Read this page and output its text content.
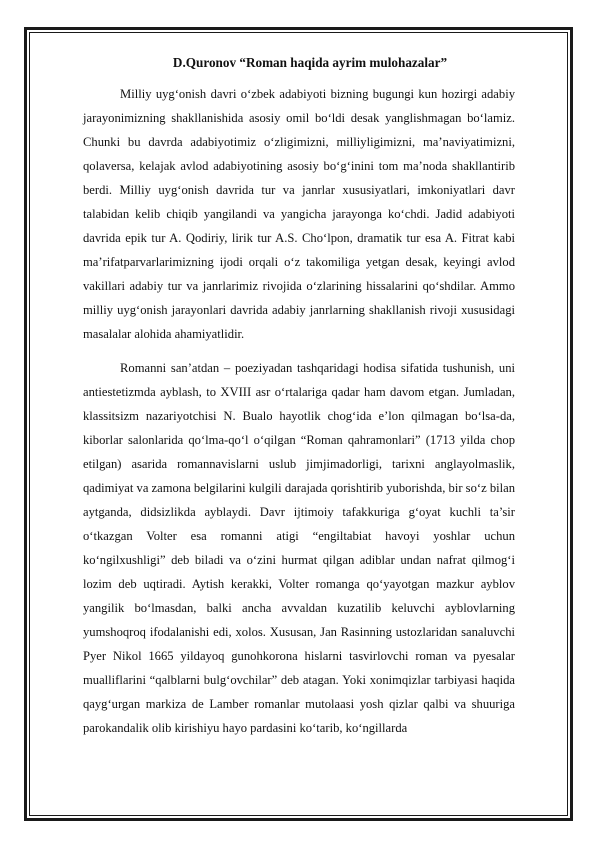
D.Quronov “Roman haqida ayrim mulohazalar”

Milliy uyg‘onish davri o‘zbek adabiyoti bizning bugungi kun hozirgi adabiy jarayonimizning shakllanishida asosiy omil bo‘ldi desak yanglishmagan bo‘lamiz. Chunki bu davrda adabiyotimiz o‘zligimizni, milliyligimizni, ma’naviyatimizni, qolaversa, kelajak avlod adabiyotining asosiy bo‘g‘inini tom ma’noda shakllantirib berdi. Milliy uyg‘onish davrida tur va janrlar xususiyatlari, imkoniyatlari davr talabidan kelib chiqib yangilandi va yangicha jarayonga ko‘chdi. Jadid adabiyoti davrida epik tur A. Qodiriy, lirik tur A.S. Cho‘lpon, dramatik tur esa A. Fitrat kabi ma’rifatparvarlarimizning ijodi orqali o‘z takomiliga yetgan desak, keyingi avlod vakillari adabiy tur va janrlarimiz rivojida o‘zlarining hissalarini qo‘shdilar. Ammo milliy uyg‘onish jarayonlari davrida adabiy janrlarning shakllanish rivoji xususidagi masalalar alohida ahamiyatlidir.

Romanni san’atdan – poeziyadan tashqaridagi hodisa sifatida tushunish, uni antiestetizmda ayblash, to XVIII asr o‘rtalariga qadar ham davom etgan. Jumladan, klassitsizm nazariyotchisi N. Bualo hayotlik chog‘ida e’lon qilmagan bo‘lsa-da, kiborlar salonlarida qo‘lma-qo‘l o‘qilgan “Roman qahramonlari” (1713 yilda chop etilgan) asarida romannavislarni uslub jimjimadorligi, tarixni anglayolmaslik, qadimiyat va zamona belgilarini kulgili darajada qorishtirib yuborishda, bir so‘z bilan aytganda, didsizlikda ayblaydi. Davr ijtimoiy tafakkuriga g‘oyat kuchli ta’sir o‘tkazgan Volter esa romanni atigi “engiltabiat havoyi yoshlar uchun ko‘ngilxushligi” deb biladi va o‘zini hurmat qilgan adiblar undan nafrat qilmog‘i lozim deb uqtiradi. Aytish kerakki, Volter romanga qo‘yayotgan mazkur ayblov yangilik bo‘lmasdan, balki ancha avvaldan kuzatilib keluvchi ayblovlarning yumshoqroq ifodalanishi edi, xolos. Xususan, Jan Rasinning ustozlaridan sanaluvchi Pyer Nikol 1665 yildayoq gunohkorona hislarni tasvirlovchi roman va pyesalar mualliflarini “qalblarni bulg‘ovchilar” deb atagan. Yoki xonimqizlar tarbiyasi haqida qayg‘urgan markiza de Lamber romanlar mutolaasi yosh qizlar qalbi va shuuriga parokandalik olib kirishiyu hayo pardasini ko‘tarib, ko‘ngillarda
